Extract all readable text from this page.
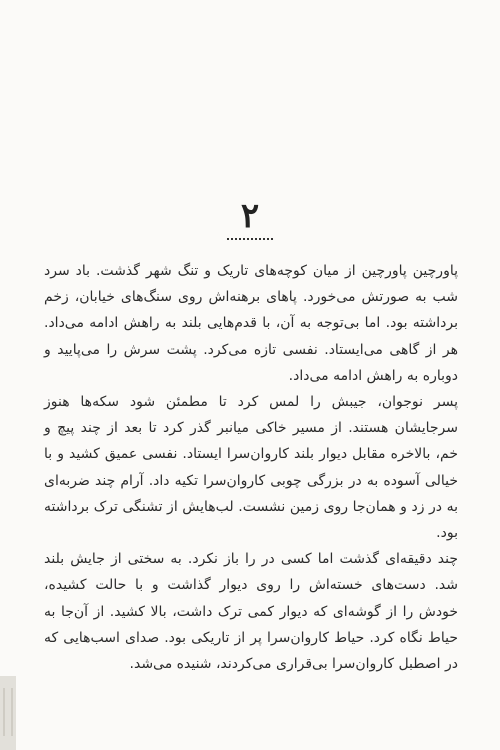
۲

پاورچین پاورچین از میان کوچه‌های تاریک و تنگ شهر گذشت. باد سرد شب به صورتش می‌خورد. پاهای برهنه‌اش روی سنگ‌های خیابان، زخم برداشته بود. اما بی‌توجه به آن، با قدم‌هایی بلند به راهش ادامه می‌داد. هر از گاهی می‌ایستاد. نفسی تازه می‌کرد. پشت سرش را می‌پایید و دوباره به راهش ادامه می‌داد.

پسر نوجوان، جیبش را لمس کرد تا مطمئن شود سکه‌ها هنوز سرجایشان هستند. از مسیر خاکی میانبر گذر کرد تا بعد از چند پیچ و خم، بالاخره مقابل دیوار بلند کاروان‌سرا ایستاد. نفسی عمیق کشید و با خیالی آسوده به در بزرگی چوبی کاروان‌سرا تکیه داد. آرام چند ضربه‌ای به در زد و همان‌جا روی زمین نشست. لب‌هایش از تشنگی ترک برداشته بود.

چند دقیقه‌ای گذشت اما کسی در را باز نکرد. به سختی از جایش بلند شد. دست‌های خسته‌اش را روی دیوار گذاشت و با حالت کشیده، خودش را از گوشه‌ای که دیوار کمی ترک داشت، بالا کشید. از آن‌جا به حیاط نگاه کرد. حیاط کاروان‌سرا پر از تاریکی بود. صدای اسب‌هایی که در اصطبل کاروان‌سرا بی‌قراری می‌کردند، شنیده می‌شد.
